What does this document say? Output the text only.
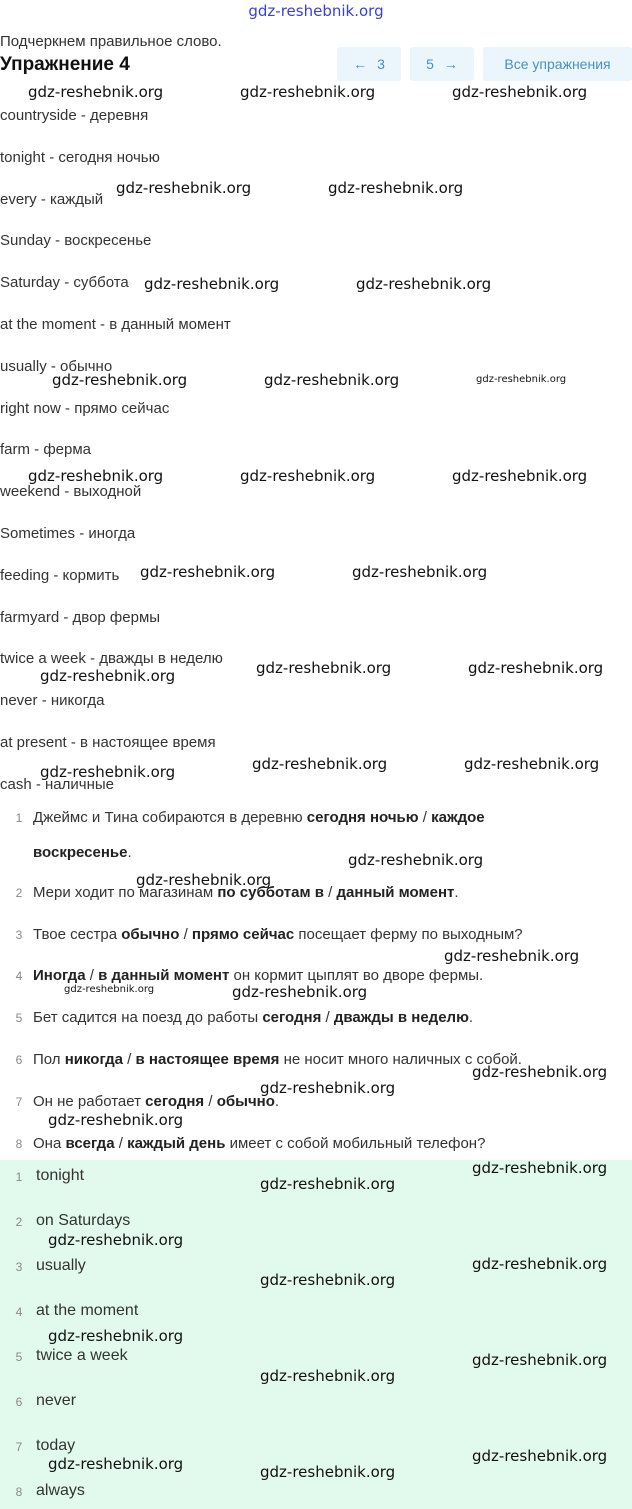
gdz-reshebnik.org
Подчеркнем правильное слово.
Упражнение 4	← 3	5 →	Все упражнения
countryside - деревня
tonight - сегодня ночью
every - каждый
Sunday - воскресенье
Saturday - суббота
at the moment - в данный момент
usually - обычно
right now - прямо сейчас
farm - ферма
weekend - выходной
Sometimes - иногда
feeding - кормить
farmyard - двор фермы
twice a week - дважды в неделю
never - никогда
at present - в настоящее время
cash - наличные
1 Джеймс и Тина собираются в деревню сегодня ночью / каждое
воскресенье.
2 Мери ходит по магазинам по субботам в / данный момент.
3 Твое сестра обычно / прямо сейчас посещает ферму по выходным?
4 Иногда / в данный момент он кормит цыплят во дворе фермы.
5 Бет садится на поезд до работы сегодня / дважды в неделю.
6 Пол никогда / в настоящее время не носит много наличных с собой.
7 Он не работает сегодня / обычно.
8 Она всегда / каждый день имеет с собой мобильный телефон?
1 tonight
2 on Saturdays
3 usually
4 at the moment
5 twice a week
6 never
7 today
8 always
gdz-reshebnik.org	gdz-reshebnik.org	gdz-reshebnik.org
gdz-reshebnik.org	gdz-reshebnik.org
gdz-reshebnik.org	gdz-reshebnik.org
gdz-reshebnik.org	gdz-reshebnik.org	gdz-reshebnik.org
gdz-reshebnik.org	gdz-reshebnik.org	gdz-reshebnik.org
gdz-reshebnik.org	gdz-reshebnik.org
gdz-reshebnik.org	gdz-reshebnik.org
gdz-reshebnik.org
gdz-reshebnik.org	gdz-reshebnik.org	gdz-reshebnik.org
gdz-reshebnik.org
gdz-reshebnik.org
gdz-reshebnik.org
gdz-reshebnik.org	gdz-reshebnik.org
gdz-reshebnik.org
gdz-reshebnik.org
gdz-reshebnik.org
gdz-reshebnik.org
gdz-reshebnik.org
gdz-reshebnik.org
gdz-reshebnik.org
gdz-reshebnik.org
gdz-reshebnik.org
gdz-reshebnik.org
gdz-reshebnik.org
gdz-reshebnik.org
gdz-reshebnik.org	gdz-reshebnik.org
